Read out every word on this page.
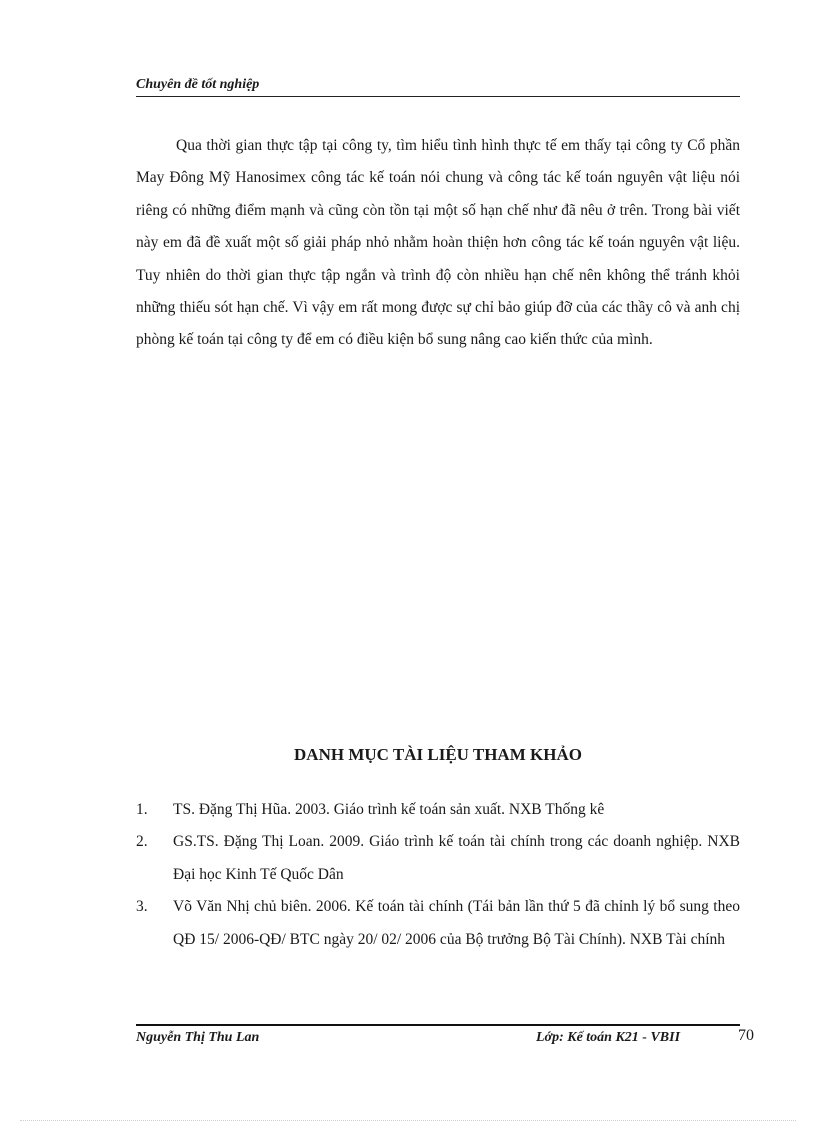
Chuyên đề tốt nghiệp

Qua thời gian thực tập tại công ty, tìm hiểu tình hình thực tế em thấy tại công ty Cổ phần May Đông Mỹ Hanosimex công tác kế toán nói chung và công tác kế toán nguyên vật liệu nói riêng có những điểm mạnh và cũng còn tồn tại một số hạn chế như đã nêu ở trên. Trong bài viết này em đã đề xuất một số giải pháp nhỏ nhằm hoàn thiện hơn công tác kế toán nguyên vật liệu. Tuy nhiên do thời gian thực tập ngắn và trình độ còn nhiều hạn chế nên không thể tránh khỏi những thiếu sót hạn chế. Vì vậy em rất mong được sự chỉ bảo giúp đỡ của các thầy cô và anh chị phòng kế toán tại công ty để em có điều kiện bổ sung nâng cao kiến thức của mình.

DANH MỤC TÀI LIỆU THAM KHẢO
1.	TS. Đặng Thị Hũa. 2003. Giáo trình kế toán sản xuất. NXB Thống kê
2.	GS.TS. Đặng Thị Loan. 2009. Giáo trình kế toán tài chính trong các doanh nghiệp. NXB Đại học Kinh Tế Quốc Dân
3.	Võ Văn Nhị chủ biên. 2006. Kế toán tài chính (Tái bản lần thứ 5 đã chỉnh lý bổ sung theo QĐ 15/ 2006-QĐ/ BTC ngày 20/ 02/ 2006 của Bộ trưởng Bộ Tài Chính). NXB Tài chính
Nguyễn Thị Thu Lan	Lớp: Kế toán K21 - VBII	70
